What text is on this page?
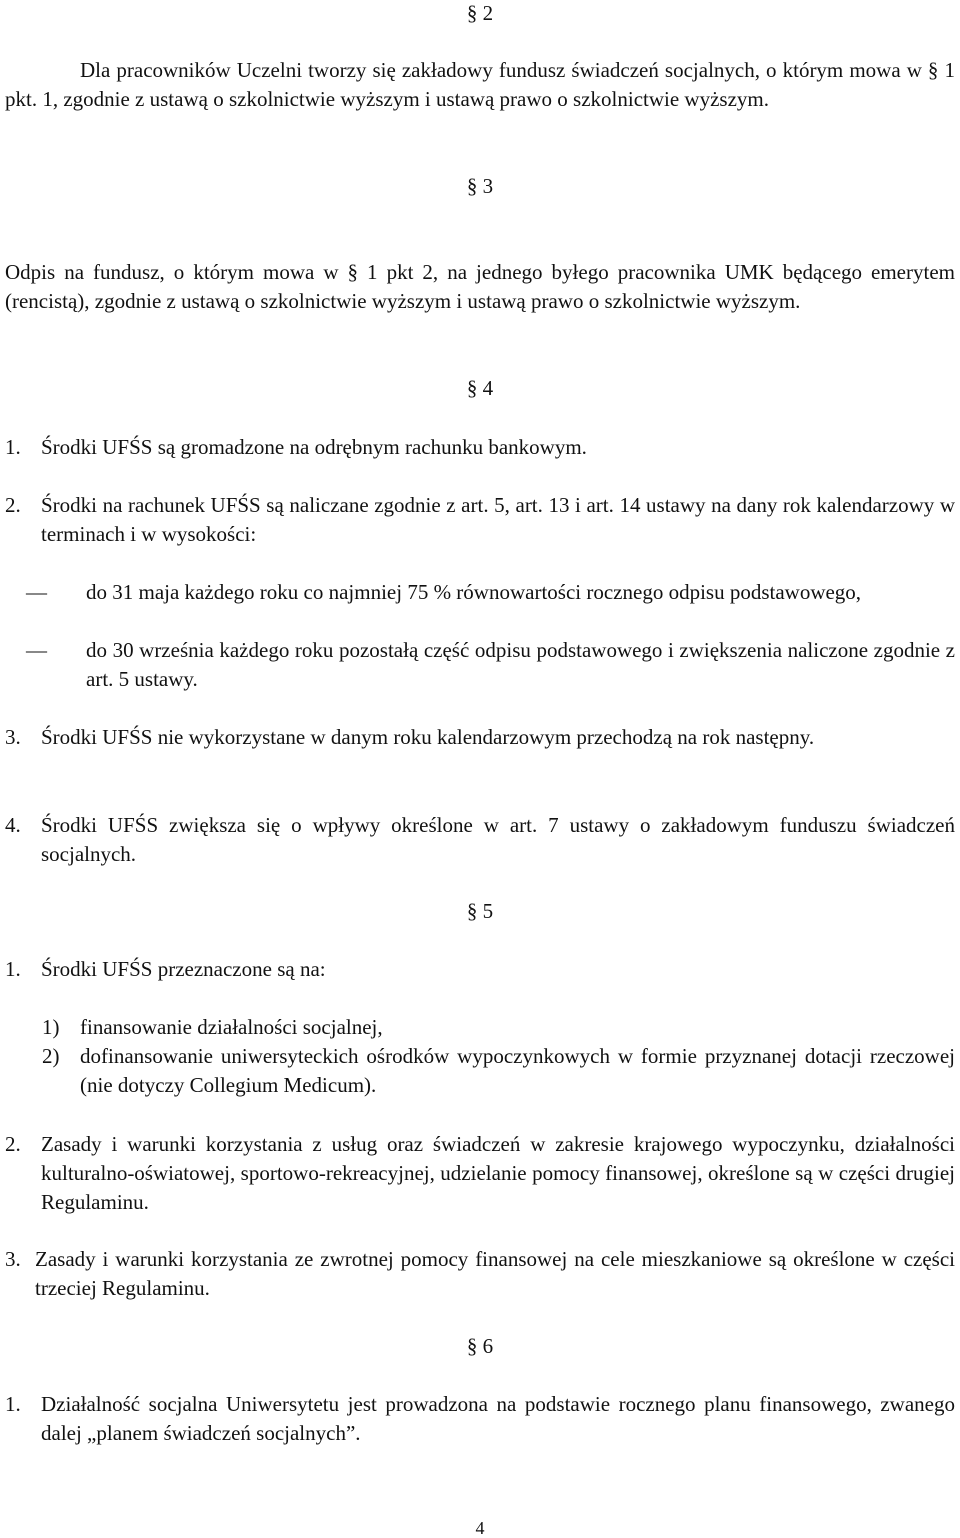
§ 2
Dla pracowników Uczelni tworzy się zakładowy fundusz świadczeń socjalnych, o którym mowa w § 1 pkt. 1, zgodnie z ustawą o szkolnictwie wyższym i ustawą prawo o szkolnictwie wyższym.
§ 3
Odpis na fundusz, o którym mowa w § 1 pkt 2, na jednego byłego pracownika UMK będącego emerytem (rencistą), zgodnie z ustawą o szkolnictwie wyższym i ustawą prawo o szkolnictwie wyższym.
§ 4
1. Środki UFŚS są gromadzone na odrębnym rachunku bankowym.
2. Środki na rachunek UFŚS są naliczane zgodnie z art. 5, art. 13 i art. 14 ustawy na dany rok kalendarzowy w terminach i w wysokości:
— do 31 maja każdego roku co najmniej 75 % równowartości rocznego odpisu podstawowego,
— do 30 września każdego roku pozostałą część odpisu podstawowego i zwiększenia naliczone zgodnie z art. 5 ustawy.
3. Środki UFŚS nie wykorzystane w danym roku kalendarzowym przechodzą na rok następny.
4. Środki UFŚS zwiększa się o wpływy określone w art. 7 ustawy o zakładowym funduszu świadczeń socjalnych.
§ 5
1. Środki UFŚS przeznaczone są na:
1) finansowanie działalności socjalnej,
2) dofinansowanie uniwersyteckich ośrodków wypoczynkowych w formie przyznanej dotacji rzeczowej (nie dotyczy Collegium Medicum).
2. Zasady i warunki korzystania z usług oraz świadczeń w zakresie krajowego wypoczynku, działalności kulturalno-oświatowej, sportowo-rekreacyjnej, udzielanie pomocy finansowej, określone są w części drugiej Regulaminu.
3. Zasady i warunki korzystania ze zwrotnej pomocy finansowej na cele mieszkaniowe są określone w części trzeciej Regulaminu.
§ 6
1. Działalność socjalna Uniwersytetu jest prowadzona na podstawie rocznego planu finansowego, zwanego dalej „planem świadczeń socjalnych”.
4
